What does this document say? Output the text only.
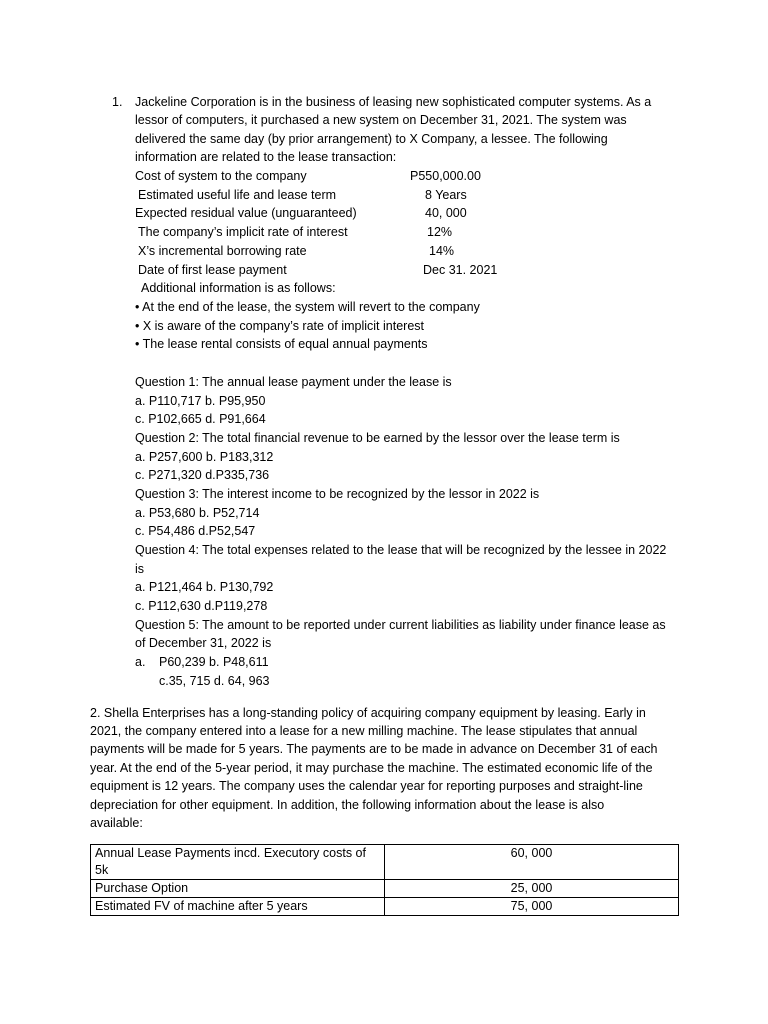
1. Jackeline Corporation is in the business of leasing new sophisticated computer systems. As a
lessor of computers, it purchased a new system on December 31, 2021. The system was
delivered the same day (by prior arrangement) to X Company, a lessee. The following
information are related to the lease transaction:
Cost of system to the company	P550,000.00
Estimated useful life and lease term	8 Years
Expected residual value (unguaranteed)	40, 000
The company’s implicit rate of interest	12%
X’s incremental borrowing rate	14%
Date of first lease payment	Dec 31. 2021
Additional information is as follows:
• At the end of the lease, the system will revert to the company
• X is aware of the company’s rate of implicit interest
• The lease rental consists of equal annual payments
Question 1: The annual lease payment under the lease is
a. P110,717 b. P95,950
c. P102,665 d. P91,664
Question 2: The total financial revenue to be earned by the lessor over the lease term is
a. P257,600 b. P183,312
c. P271,320 d.P335,736
Question 3: The interest income to be recognized by the lessor in 2022 is
a. P53,680 b. P52,714
c. P54,486 d.P52,547
Question 4: The total expenses related to the lease that will be recognized by the lessee in 2022
is
a. P121,464 b. P130,792
c. P112,630 d.P119,278
Question 5: The amount to be reported under current liabilities as liability under finance lease as
of December 31, 2022 is
a. P60,239 b. P48,611
c.35, 715 d. 64, 963
2. Shella Enterprises has a long-standing policy of acquiring company equipment by leasing. Early in
2021, the company entered into a lease for a new milling machine. The lease stipulates that annual
payments will be made for 5 years. The payments are to be made in advance on December 31 of each
year. At the end of the 5-year period, it may purchase the machine. The estimated economic life of the
equipment is 12 years. The company uses the calendar year for reporting purposes and straight-line
depreciation for other equipment. In addition, the following information about the lease is also
available:
Annual Lease Payments incd. Executory costs of
5k	60, 000
Purchase Option	25, 000
Estimated FV of machine after 5 years	75, 000
